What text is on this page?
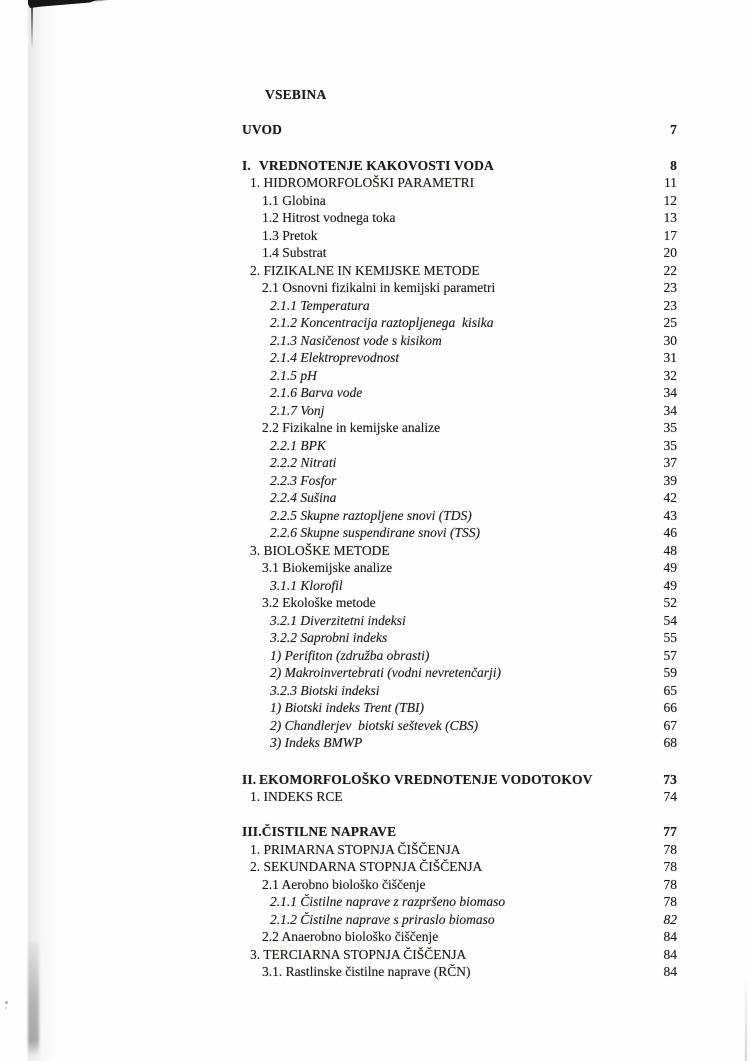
VSEBINA
UVOD	7
I. VREDNOTENJE KAKOVOSTI VODA	8
1. HIDROMORFOLOŠKI PARAMETRI	11
1.1 Globina	12
1.2 Hitrost vodnega toka	13
1.3 Pretok	17
1.4 Substrat	20
2. FIZIKALNE IN KEMIJSKE METODE	22
2.1 Osnovni fizikalni in kemijski parametri	23
2.1.1 Temperatura	23
2.1.2 Koncentracija raztopljenega  kisika	25
2.1.3 Nasičenost vode s kisikom	30
2.1.4 Elektroprevodnost	31
2.1.5 pH	32
2.1.6 Barva vode	34
2.1.7 Vonj	34
2.2 Fizikalne in kemijske analize	35
2.2.1 BPK	35
2.2.2 Nitrati	37
2.2.3 Fosfor	39
2.2.4 Sušina	42
2.2.5 Skupne raztopljene snovi (TDS)	43
2.2.6 Skupne suspendirane snovi (TSS)	46
3. BIOLOŠKE METODE	48
3.1 Biokemijske analize	49
3.1.1 Klorofil	49
3.2 Ekološke metode	52
3.2.1 Diverzitetni indeksi	54
3.2.2 Saprobni indeks	55
1) Perifiton (združba obrasti)	57
2) Makroinvertebrati (vodni nevretenčarji)	59
3.2.3 Biotski indeksi	65
1) Biotski indeks Trent (TBI)	66
2) Chandlerjev  biotski seštevek (CBS)	67
3) Indeks BMWP	68
II. EKOMORFOLOŠKO VREDNOTENJE VODOTOKOV	73
1. INDEKS RCE	74
III. ČISTILNE NAPRAVE	77
1. PRIMARNA STOPNJA ČIŠČENJA	78
2. SEKUNDARNA STOPNJA ČIŠČENJA	78
2.1 Aerobno biološko čiščenje	78
2.1.1 Čistilne naprave z razpršeno biomaso	78
2.1.2 Čistilne naprave s priraslo biomaso	82
2.2 Anaerobno biološko čiščenje	84
3. TERCIARNA STOPNJA ČIŠČENJA	84
3.1. Rastlinske čistilne naprave (RČN)	84
